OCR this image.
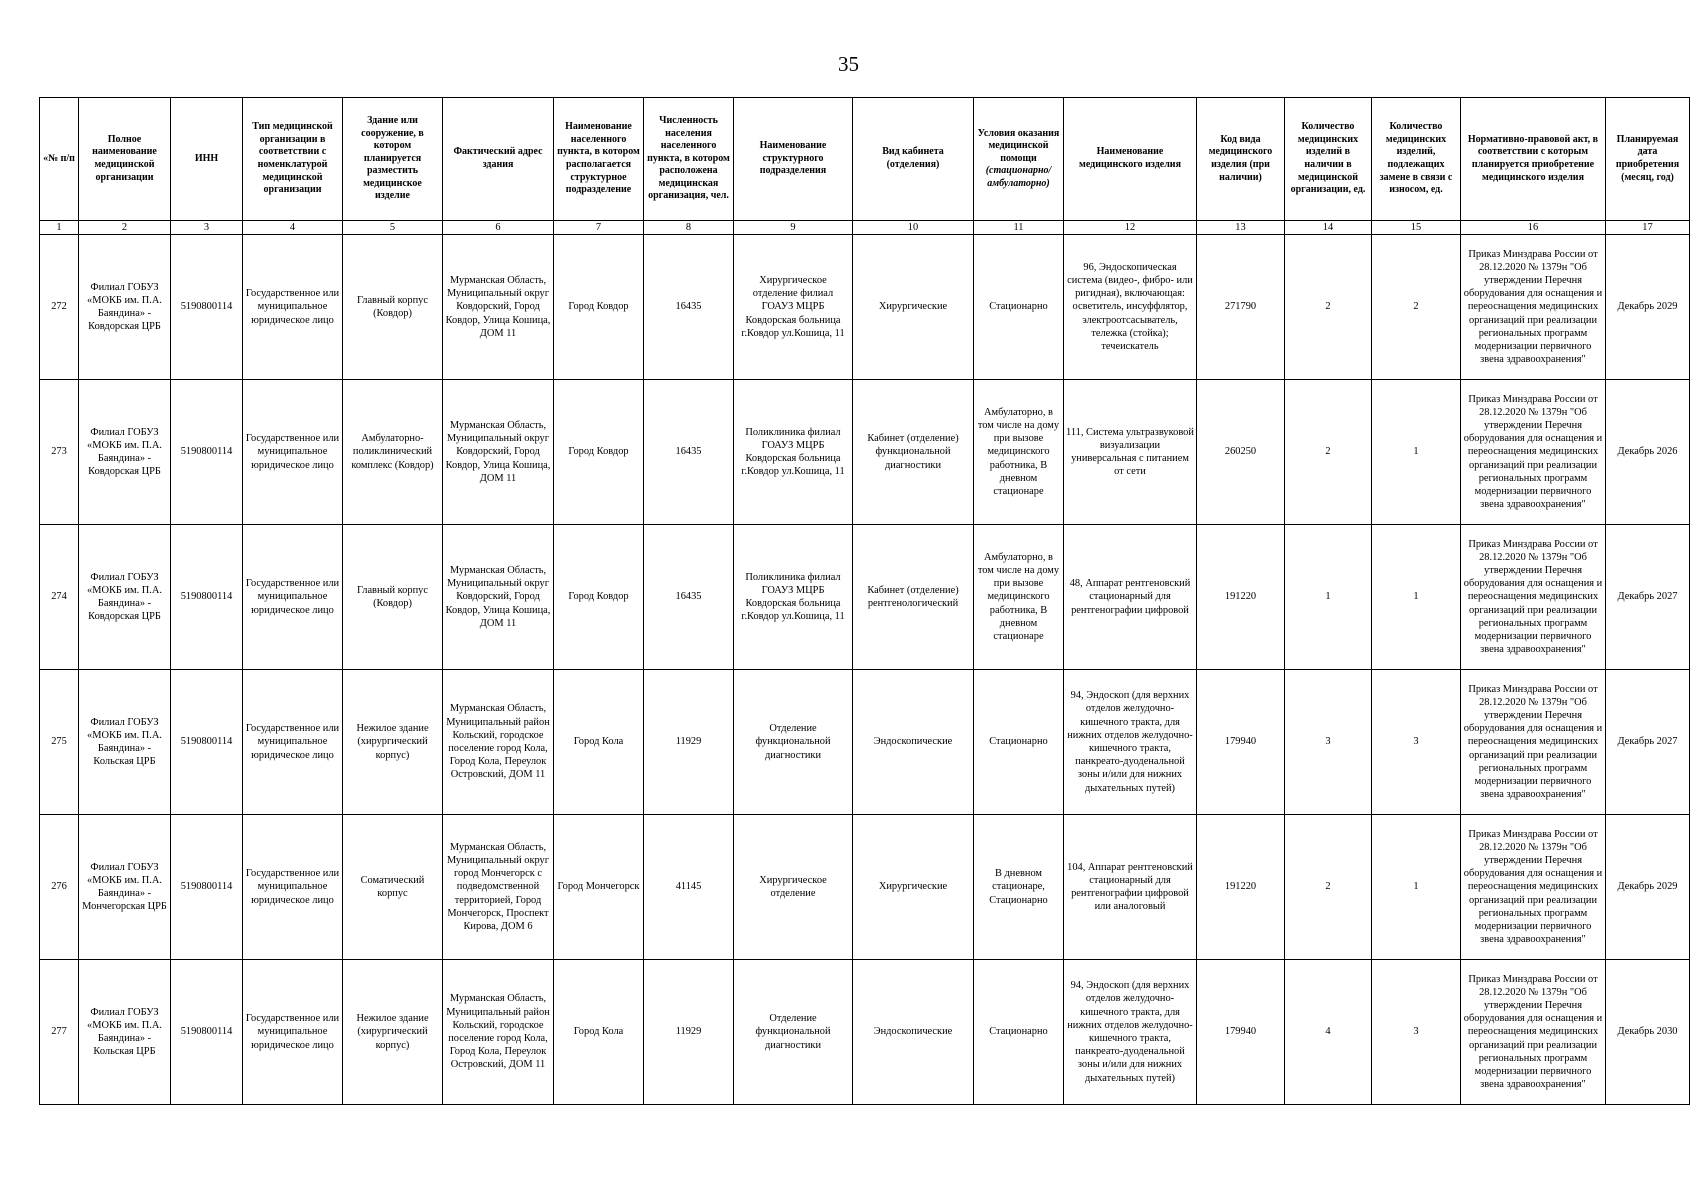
35
«№ п/п	Полное наименование медицинской организации	ИНН	Тип медицинской организации в соответствии с номенклатурой медицинской организации	Здание или сооружение, в котором планируется разместить медицинское изделие	Фактический адрес здания	Наименование населенного пункта, в котором располагается структурное подразделение	Численность населения населенного пункта, в котором расположена медицинская организация, чел.	Наименование структурного подразделения	Вид кабинета (отделения)	Условия оказания медицинской помощи (стационарно/ амбулаторно)	Наименование медицинского изделия	Код вида медицинского изделия (при наличии)	Количество медицинских изделий в наличии в медицинской организации, ед.	Количество медицинских изделий, подлежащих замене в связи с износом, ед.	Нормативно-правовой акт, в соответствии с которым планируется приобретение медицинского изделия	Планируемая дата приобретения (месяц, год)
1	2	3	4	5	6	7	8	9	10	11	12	13	14	15	16	17
272	Филиал ГОБУЗ «МОКБ им. П.А. Баяндина» - Ковдорская ЦРБ	5190800114	Государственное или муниципальное юридическое лицо	Главный корпус (Ковдор)	Мурманская Область, Муниципальный округ Ковдорский, Город Ковдор, Улица Кошица, ДОМ 11	Город Ковдор	16435	Хирургическое отделение филиал ГОАУЗ МЦРБ Ковдорская больница г.Ковдор ул.Кошица, 11	Хирургические	Стационарно	96, Эндоскопическая система (видео-, фибро- или ригидная), включающая: осветитель, инсуффлятор, электроотсасыватель, тележка (стойка); течеискатель	271790	2	2	Приказ Минздрава России от 28.12.2020 № 1379н "Об утверждении Перечня оборудования для оснащения и переоснащения медицинских организаций при реализации региональных программ модернизации первичного звена здравоохранения"	Декабрь 2029
273	Филиал ГОБУЗ «МОКБ им. П.А. Баяндина» - Ковдорская ЦРБ	5190800114	Государственное или муниципальное юридическое лицо	Амбулаторно-поликлинический комплекс (Ковдор)	Мурманская Область, Муниципальный округ Ковдорский, Город Ковдор, Улица Кошица, ДОМ 11	Город Ковдор	16435	Поликлиника филиал ГОАУЗ МЦРБ Ковдорская больница г.Ковдор ул.Кошица, 11	Кабинет (отделение) функциональной диагностики	Амбулаторно, в том числе на дому при вызове медицинского работника, В дневном стационаре	111, Система ультразвуковой визуализации универсальная с питанием от сети	260250	2	1	Приказ Минздрава России от 28.12.2020 № 1379н "Об утверждении Перечня оборудования для оснащения и переоснащения медицинских организаций при реализации региональных программ модернизации первичного звена здравоохранения"	Декабрь 2026
274	Филиал ГОБУЗ «МОКБ им. П.А. Баяндина» - Ковдорская ЦРБ	5190800114	Государственное или муниципальное юридическое лицо	Главный корпус (Ковдор)	Мурманская Область, Муниципальный округ Ковдорский, Город Ковдор, Улица Кошица, ДОМ 11	Город Ковдор	16435	Поликлиника филиал ГОАУЗ МЦРБ Ковдорская больница г.Ковдор ул.Кошица, 11	Кабинет (отделение) рентгенологический	Амбулаторно, в том числе на дому при вызове медицинского работника, В дневном стационаре	48, Аппарат рентгеновский стационарный для рентгенографии цифровой	191220	1	1	Приказ Минздрава России от 28.12.2020 № 1379н "Об утверждении Перечня оборудования для оснащения и переоснащения медицинских организаций при реализации региональных программ модернизации первичного звена здравоохранения"	Декабрь 2027
275	Филиал ГОБУЗ «МОКБ им. П.А. Баяндина» - Кольская ЦРБ	5190800114	Государственное или муниципальное юридическое лицо	Нежилое здание (хирургический корпус)	Мурманская Область, Муниципальный район Кольский, городское поселение город Кола, Город Кола, Переулок Островский, ДОМ 11	Город Кола	11929	Отделение функциональной диагностики	Эндоскопические	Стационарно	94, Эндоскоп (для верхних отделов желудочно- кишечного тракта, для нижних отделов желудочно-кишечного тракта, панкреато-дуоденальной зоны и/или для нижних дыхательных путей)	179940	3	3	Приказ Минздрава России от 28.12.2020 № 1379н "Об утверждении Перечня оборудования для оснащения и переоснащения медицинских организаций при реализации региональных программ модернизации первичного звена здравоохранения"	Декабрь 2027
276	Филиал ГОБУЗ «МОКБ им. П.А. Баяндина» - Мончегорская ЦРБ	5190800114	Государственное или муниципальное юридическое лицо	Соматический корпус	Мурманская Область, Муниципальный округ город Мончегорск с подведомственной территорией, Город Мончегорск, Проспект Кирова, ДОМ 6	Город Мончегорск	41145	Хирургическое отделение	Хирургические	В дневном стационаре, Стационарно	104, Аппарат рентгеновский стационарный для рентгенографии цифровой или аналоговый	191220	2	1	Приказ Минздрава России от 28.12.2020 № 1379н "Об утверждении Перечня оборудования для оснащения и переоснащения медицинских организаций при реализации региональных программ модернизации первичного звена здравоохранения"	Декабрь 2029
277	Филиал ГОБУЗ «МОКБ им. П.А. Баяндина» - Кольская ЦРБ	5190800114	Государственное или муниципальное юридическое лицо	Нежилое здание (хирургический корпус)	Мурманская Область, Муниципальный район Кольский, городское поселение город Кола, Город Кола, Переулок Островский, ДОМ 11	Город Кола	11929	Отделение функциональной диагностики	Эндоскопические	Стационарно	94, Эндоскоп (для верхних отделов желудочно- кишечного тракта, для нижних отделов желудочно-кишечного тракта, панкреато-дуоденальной зоны и/или для нижних дыхательных путей)	179940	4	3	Приказ Минздрава России от 28.12.2020 № 1379н "Об утверждении Перечня оборудования для оснащения и переоснащения медицинских организаций при реализации региональных программ модернизации первичного звена здравоохранения"	Декабрь 2030
